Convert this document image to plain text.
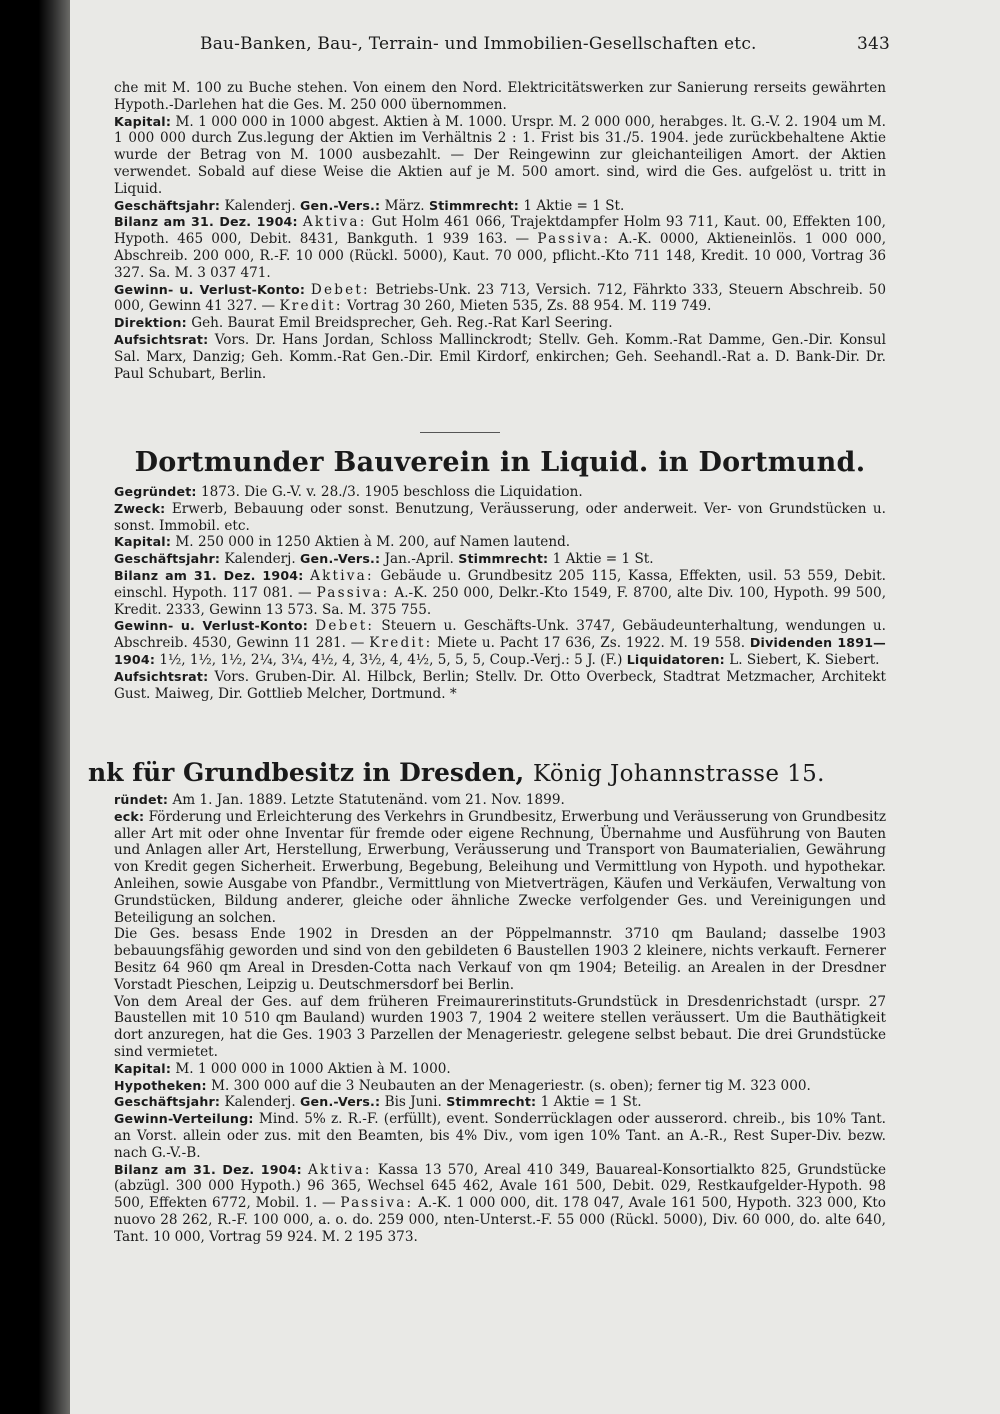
Bau-Banken, Bau-, Terrain- und Immobilien-Gesellschaften etc.	343

che mit M. 100 zu Buche stehen. Von einem den Nord. Elektricitätswerken zur Sanierung rerseits gewährten Hypoth.-Darlehen hat die Ges. M. 250 000 übernommen.

Kapital: M. 1 000 000 in 1000 abgest. Aktien à M. 1000. Urspr. M. 2 000 000, herabges. lt. G.-V. 2. 1904 um M. 1 000 000 durch Zus.legung der Aktien im Verhältnis 2 : 1. Frist bis 31./5. 1904. jede zurückbehaltene Aktie wurde der Betrag von M. 1000 ausbezahlt. — Der Reingewinn zur gleichanteiligen Amort. der Aktien verwendet. Sobald auf diese Weise die Aktien auf je M. 500 amort. sind, wird die Ges. aufgelöst u. tritt in Liquid.

Geschäftsjahr: Kalenderj. Gen.-Vers.: März. Stimmrecht: 1 Aktie = 1 St.

Bilanz am 31. Dez. 1904: Aktiva: Gut Holm 461 066, Trajektdampfer Holm 93 711, Kaut. 00, Effekten 100, Hypoth. 465 000, Debit. 8431, Bankguth. 1 939 163. — Passiva: A.-K. 0000, Aktieneinlös. 1 000 000, Abschreib. 200 000, R.-F. 10 000 (Rückl. 5000), Kaut. 70 000, pflicht.-Kto 711 148, Kredit. 10 000, Vortrag 36 327. Sa. M. 3 037 471.

Gewinn- u. Verlust-Konto: Debet: Betriebs-Unk. 23 713, Versich. 712, Fährkto 333, Steuern Abschreib. 50 000, Gewinn 41 327. — Kredit: Vortrag 30 260, Mieten 535, Zs. 88 954. M. 119 749.

Direktion: Geh. Baurat Emil Breidsprecher, Geh. Reg.-Rat Karl Seering.

Aufsichtsrat: Vors. Dr. Hans Jordan, Schloss Mallinckrodt; Stellv. Geh. Komm.-Rat Damme, Gen.-Dir. Konsul Sal. Marx, Danzig; Geh. Komm.-Rat Gen.-Dir. Emil Kirdorf, enkirchen; Geh. Seehandl.-Rat a. D. Bank-Dir. Dr. Paul Schubart, Berlin.

Dortmunder Bauverein in Liquid. in Dortmund.

Gegründet: 1873. Die G.-V. v. 28./3. 1905 beschloss die Liquidation.

Zweck: Erwerb, Bebauung oder sonst. Benutzung, Veräusserung, oder anderweit. Ver- von Grundstücken u. sonst. Immobil. etc.

Kapital: M. 250 000 in 1250 Aktien à M. 200, auf Namen lautend.

Geschäftsjahr: Kalenderj. Gen.-Vers.: Jan.-April. Stimmrecht: 1 Aktie = 1 St.

Bilanz am 31. Dez. 1904: Aktiva: Gebäude u. Grundbesitz 205 115, Kassa, Effekten, usil. 53 559, Debit. einschl. Hypoth. 117 081. — Passiva: A.-K. 250 000, Delkr.-Kto 1549, F. 8700, alte Div. 100, Hypoth. 99 500, Kredit. 2333, Gewinn 13 573. Sa. M. 375 755.

Gewinn- u. Verlust-Konto: Debet: Steuern u. Geschäfts-Unk. 3747, Gebäudeunterhaltung, wendungen u. Abschreib. 4530, Gewinn 11 281. — Kredit: Miete u. Pacht 17 636, Zs. 1922. M. 19 558. Dividenden 1891—1904: 1½, 1½, 1½, 2¼, 3¼, 4½, 4, 3½, 4, 4½, 5, 5, 5, Coup.-Verj.: 5 J. (F.) Liquidatoren: L. Siebert, K. Siebert.

Aufsichtsrat: Vors. Gruben-Dir. Al. Hilbck, Berlin; Stellv. Dr. Otto Overbeck, Stadtrat Metzmacher, Architekt Gust. Maiweg, Dir. Gottlieb Melcher, Dortmund. *

nk für Grundbesitz in Dresden, König Johannstrasse 15.

ründet: Am 1. Jan. 1889. Letzte Statutenänd. vom 21. Nov. 1899.

eck: Förderung und Erleichterung des Verkehrs in Grundbesitz, Erwerbung und Veräusserung von Grundbesitz aller Art mit oder ohne Inventar für fremde oder eigene Rechnung, Übernahme und Ausführung von Bauten und Anlagen aller Art, Herstellung, Erwerbung, Veräusserung und Transport von Baumaterialien, Gewährung von Kredit gegen Sicherheit. Erwerbung, Begebung, Beleihung und Vermittlung von Hypoth. und hypothekar. Anleihen, sowie Ausgabe von Pfandbr., Vermittlung von Mietverträgen, Käufen und Verkäufen, Verwaltung von Grundstücken, Bildung anderer, gleiche oder ähnliche Zwecke verfolgender Ges. und Vereinigungen und Beteiligung an solchen.

Die Ges. besass Ende 1902 in Dresden an der Pöppelmannstr. 3710 qm Bauland; dasselbe 1903 bebauungsfähig geworden und sind von den gebildeten 6 Baustellen 1903 2 kleinere, nichts verkauft. Fernerer Besitz 64 960 qm Areal in Dresden-Cotta nach Verkauf von qm 1904; Beteilig. an Arealen in der Dresdner Vorstadt Pieschen, Leipzig u. Deutschmersdorf bei Berlin.

Von dem Areal der Ges. auf dem früheren Freimaurerinstituts-Grundstück in Dresdenrichstadt (urspr. 27 Baustellen mit 10 510 qm Bauland) wurden 1903 7, 1904 2 weitere stellen veräussert. Um die Bauthätigkeit dort anzuregen, hat die Ges. 1903 3 Parzellen der Menageriestr. gelegene selbst bebaut. Die drei Grundstücke sind vermietet.

Kapital: M. 1 000 000 in 1000 Aktien à M. 1000.

Hypotheken: M. 300 000 auf die 3 Neubauten an der Menageriestr. (s. oben); ferner tig M. 323 000.

Geschäftsjahr: Kalenderj. Gen.-Vers.: Bis Juni. Stimmrecht: 1 Aktie = 1 St.

Gewinn-Verteilung: Mind. 5% z. R.-F. (erfüllt), event. Sonderrücklagen oder ausserord. chreib., bis 10% Tant. an Vorst. allein oder zus. mit den Beamten, bis 4% Div., vom igen 10% Tant. an A.-R., Rest Super-Div. bezw. nach G.-V.-B.

Bilanz am 31. Dez. 1904: Aktiva: Kassa 13 570, Areal 410 349, Bauareal-Konsortialkto 825, Grundstücke (abzügl. 300 000 Hypoth.) 96 365, Wechsel 645 462, Avale 161 500, Debit. 029, Restkaufgelder-Hypoth. 98 500, Effekten 6772, Mobil. 1. — Passiva: A.-K. 1 000 000, dit. 178 047, Avale 161 500, Hypoth. 323 000, Kto nuovo 28 262, R.-F. 100 000, a. o. do. 259 000, nten-Unterst.-F. 55 000 (Rückl. 5000), Div. 60 000, do. alte 640, Tant. 10 000, Vortrag 59 924. M. 2 195 373.
